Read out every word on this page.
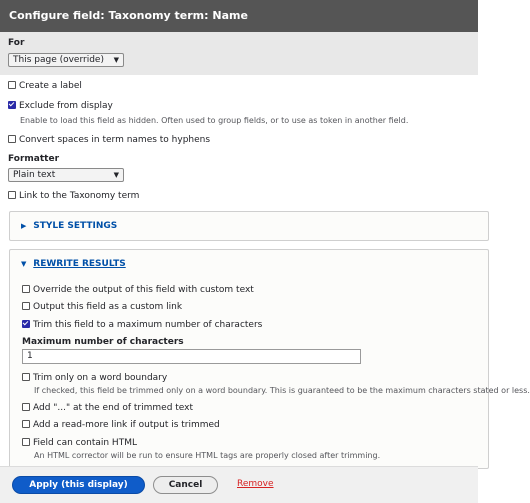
Configure field: Taxonomy term: Name
For
This page (override) ▼
Create a label
Exclude from display
Enable to load this field as hidden. Often used to group fields, or to use as token in another field.
Convert spaces in term names to hyphens
Formatter
Plain text	▼
Link to the Taxonomy term
▶ STYLE SETTINGS
▼ REWRITE RESULTS
Override the output of this field with custom text
Output this field as a custom link
Trim this field to a maximum number of characters
Maximum number of characters
1
Trim only on a word boundary
If checked, this field be trimmed only on a word boundary. This is guaranteed to be the maximum characters stated or less.
Add "..." at the end of trimmed text
Add a read-more link if output is trimmed
Field can contain HTML
An HTML corrector will be run to ensure HTML tags are properly closed after trimming.
Apply (this display)	Cancel	Remove
